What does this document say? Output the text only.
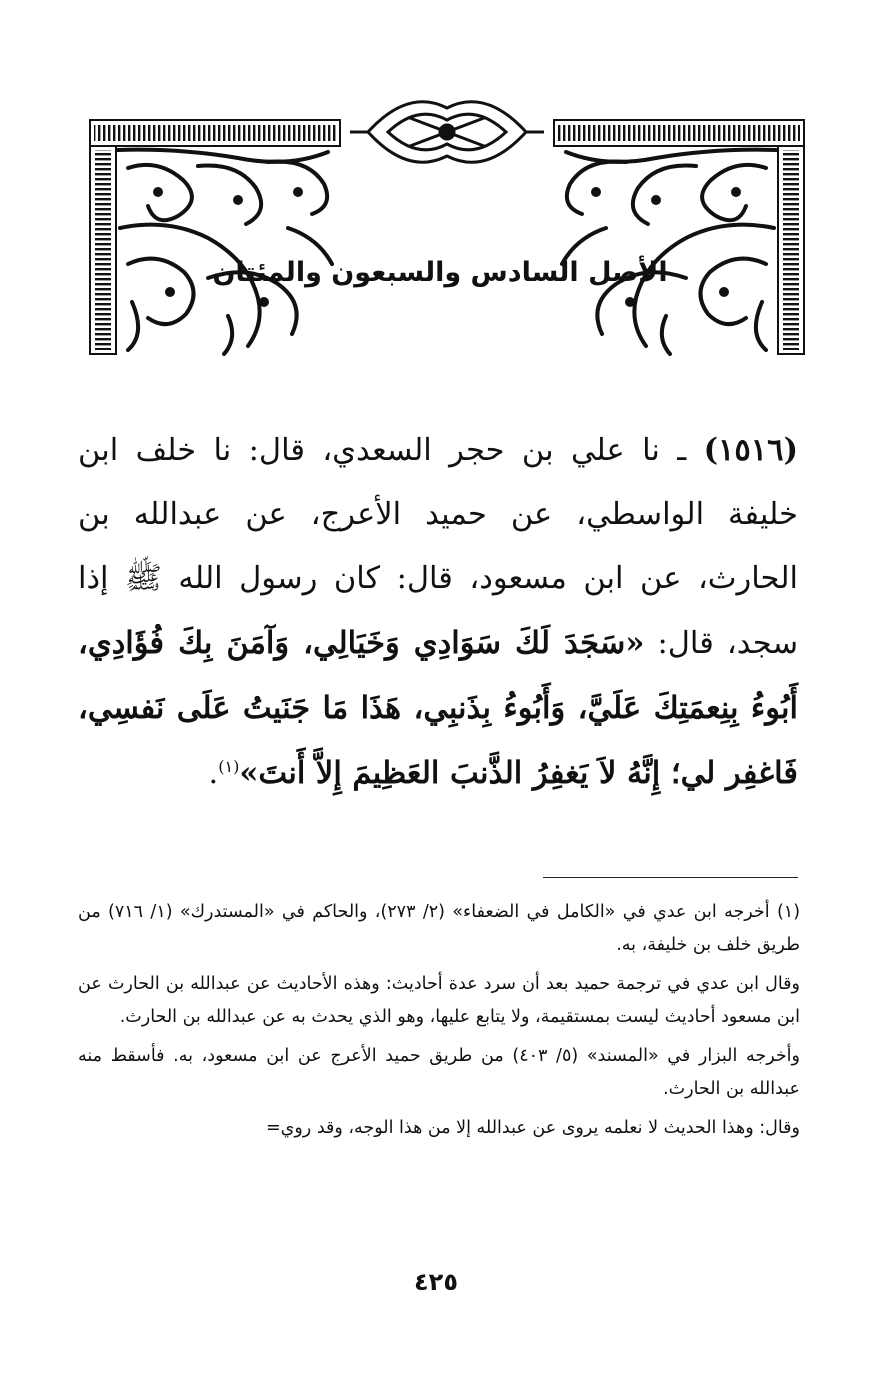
الأصل السادس والسبعون والمئتان

(١٥١٦) ـ نا علي بن حجر السعدي، قال: نا خلف ابن خليفة الواسطي، عن حميد الأعرج، عن عبدالله بن الحارث، عن ابن مسعود، قال: كان رسول الله ﷺ إذا سجد، قال: «سَجَدَ لَكَ سَوَادِي وَخَيَالِي، وَآمَنَ بِكَ فُؤَادِي، أَبُوءُ بِنِعمَتِكَ عَلَيَّ، وَأَبُوءُ بِذَنبِي، هَذَا مَا جَنَيتُ عَلَى نَفسِي، فَاغفِر لي؛ إِنَّهُ لاَ يَغفِرُ الذَّنبَ العَظِيمَ إِلاَّ أَنتَ»$^{(١)}$.

(١) أخرجه ابن عدي في «الكامل في الضعفاء» (٢/ ٢٧٣)، والحاكم في «المستدرك» (١/ ٧١٦) من طريق خلف بن خليفة، به.

وقال ابن عدي في ترجمة حميد بعد أن سرد عدة أحاديث: وهذه الأحاديث عن عبدالله بن الحارث عن ابن مسعود أحاديث ليست بمستقيمة، ولا يتابع عليها، وهو الذي يحدث به عن عبدالله بن الحارث.

وأخرجه البزار في «المسند» (٥/ ٤٠٣) من طريق حميد الأعرج عن ابن مسعود، به. فأسقط منه عبدالله بن الحارث.

وقال: وهذا الحديث لا نعلمه يروى عن عبدالله إلا من هذا الوجه، وقد روي=

٤٢٥
